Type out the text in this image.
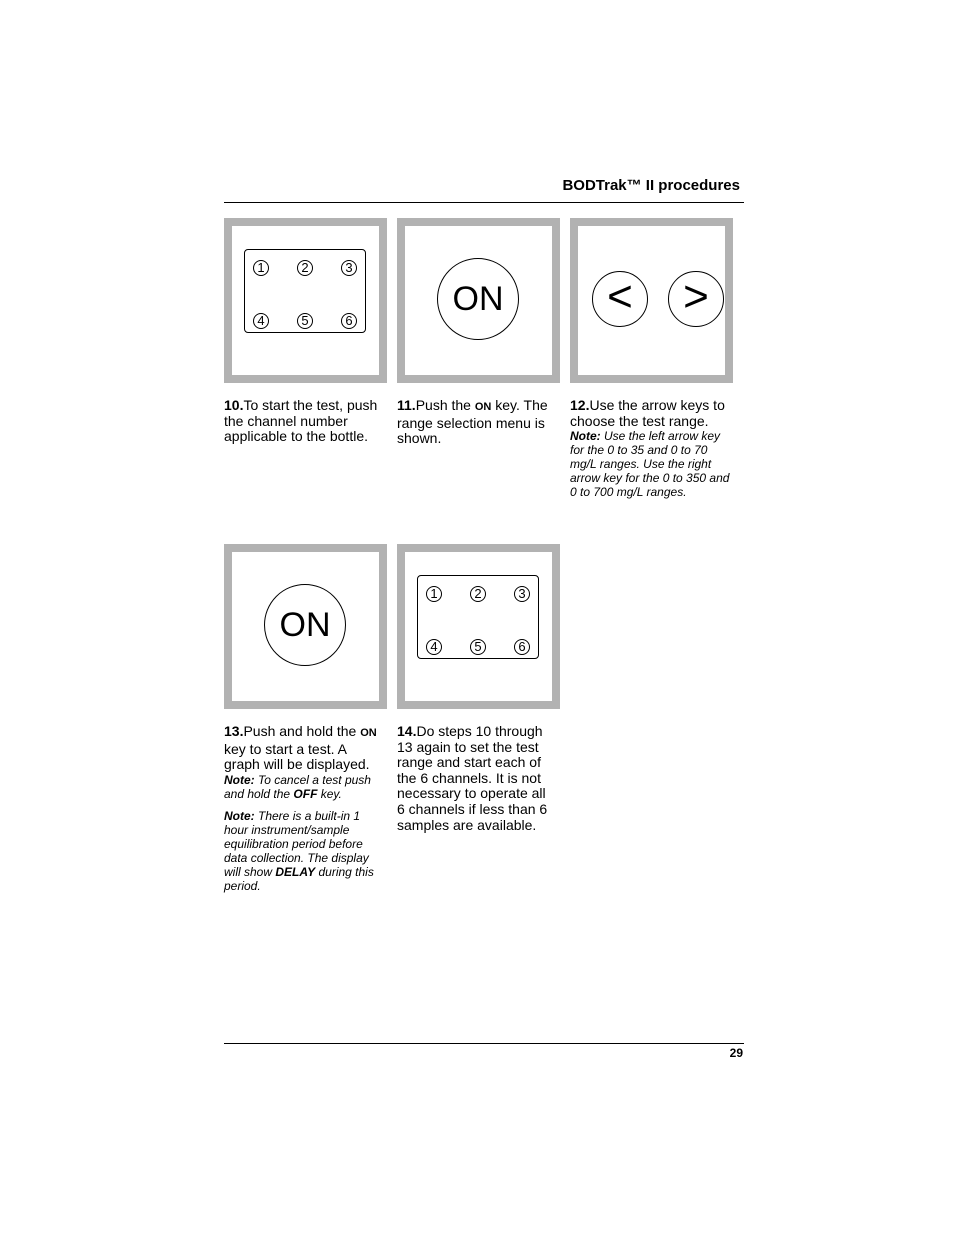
BODTrak™ II procedures
1	2	3
4	5	6
ON	<	>
10.To start the test, push the channel number applicable to the bottle.
11.Push the ON key. The range selection menu is shown.
12.Use the arrow keys to choose the test range.
Note: Use the left arrow key for the 0 to 35 and 0 to 70 mg/L ranges. Use the right arrow key for the 0 to 350 and 0 to 700 mg/L ranges.
ON
1	2	3
4	5	6
13.Push and hold the ON key to start a test. A graph will be displayed.
Note: To cancel a test push and hold the OFF key.
Note: There is a built-in 1 hour instrument/sample equilibration period before data collection. The display will show DELAY during this period.
14.Do steps 10 through 13 again to set the test range and start each of the 6 channels. It is not necessary to operate all 6 channels if less than 6 samples are available.
29
